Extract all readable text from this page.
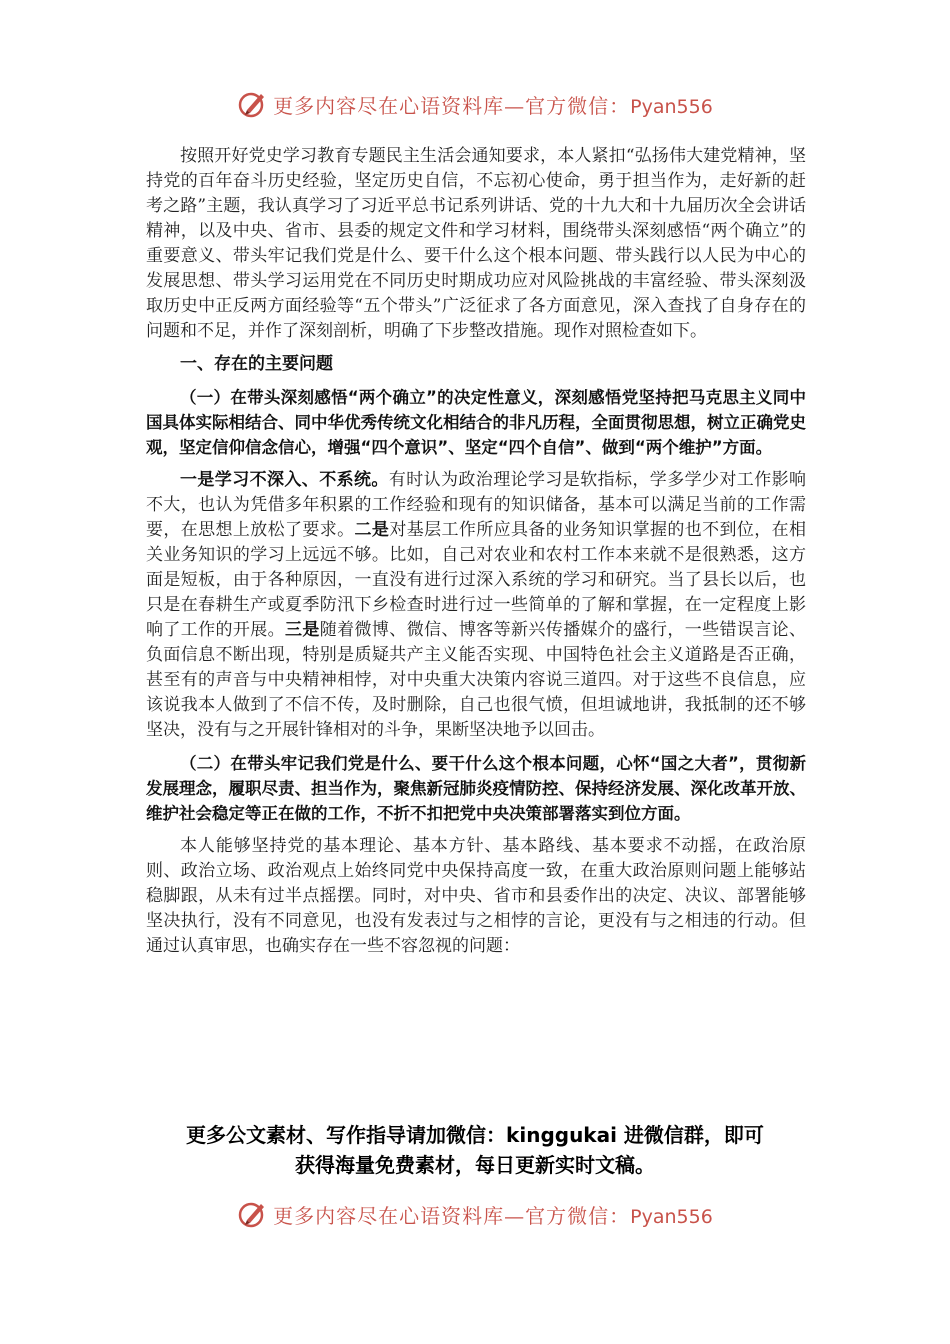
更多内容尽在心语资料库—官方微信：Pyan556

按照开好党史学习教育专题民主生活会通知要求，本人紧扣“弘扬伟大建党精神，坚持党的百年奋斗历史经验，坚定历史自信，不忘初心使命，勇于担当作为，走好新的赶考之路”主题，我认真学习了习近平总书记系列讲话、党的十九大和十九届历次全会讲话精神，以及中央、省市、县委的规定文件和学习材料，围绕带头深刻感悟“两个确立”的重要意义、带头牢记我们党是什么、要干什么这个根本问题、带头践行以人民为中心的发展思想、带头学习运用党在不同历史时期成功应对风险挑战的丰富经验、带头深刻汲取历史中正反两方面经验等“五个带头”广泛征求了各方面意见，深入查找了自身存在的问题和不足，并作了深刻剖析，明确了下步整改措施。现作对照检查如下。

一、存在的主要问题

（一）在带头深刻感悟“两个确立”的决定性意义，深刻感悟党坚持把马克思主义同中国具体实际相结合、同中华优秀传统文化相结合的非凡历程，全面贯彻思想，树立正确党史观，坚定信仰信念信心，增强“四个意识”、坚定“四个自信”、做到“两个维护”方面。

一是学习不深入、不系统。有时认为政治理论学习是软指标，学多学少对工作影响不大，也认为凭借多年积累的工作经验和现有的知识储备，基本可以满足当前的工作需要，在思想上放松了要求。二是对基层工作所应具备的业务知识掌握的也不到位，在相关业务知识的学习上远远不够。比如，自己对农业和农村工作本来就不是很熟悉，这方面是短板，由于各种原因，一直没有进行过深入系统的学习和研究。当了县长以后，也只是在春耕生产或夏季防汛下乡检查时进行过一些简单的了解和掌握，在一定程度上影响了工作的开展。三是随着微博、微信、博客等新兴传播媒介的盛行，一些错误言论、负面信息不断出现，特别是质疑共产主义能否实现、中国特色社会主义道路是否正确，甚至有的声音与中央精神相悖，对中央重大决策内容说三道四。对于这些不良信息，应该说我本人做到了不信不传，及时删除，自己也很气愤，但坦诚地讲，我抵制的还不够坚决，没有与之开展针锋相对的斗争，果断坚决地予以回击。

（二）在带头牢记我们党是什么、要干什么这个根本问题，心怀“国之大者”，贯彻新发展理念，履职尽责、担当作为，聚焦新冠肺炎疫情防控、保持经济发展、深化改革开放、维护社会稳定等正在做的工作，不折不扣把党中央决策部署落实到位方面。

本人能够坚持党的基本理论、基本方针、基本路线、基本要求不动摇，在政治原则、政治立场、政治观点上始终同党中央保持高度一致，在重大政治原则问题上能够站稳脚跟，从未有过半点摇摆。同时，对中央、省市和县委作出的决定、决议、部署能够坚决执行，没有不同意见，也没有发表过与之相悖的言论，更没有与之相违的行动。但通过认真审思，也确实存在一些不容忽视的问题：

更多公文素材、写作指导请加微信：kinggukai 进微信群，即可
获得海量免费素材，每日更新实时文稿。
更多内容尽在心语资料库—官方微信：Pyan556
